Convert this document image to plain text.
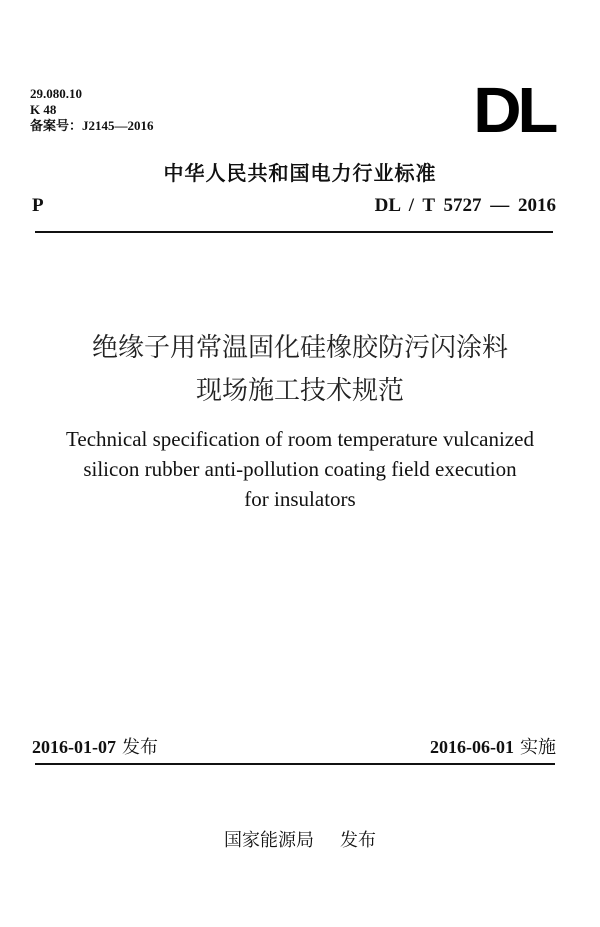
29.080.10
K 48
备案号：J2145—2016	DL
中华人民共和国电力行业标准
P	DL / T 5727 — 2016
绝缘子用常温固化硅橡胶防污闪涂料
现场施工技术规范
Technical specification of room temperature vulcanized
silicon rubber anti-pollution coating field execution
for insulators
2016-01-07 发布	2016-06-01 实施
国家能源局 发布
